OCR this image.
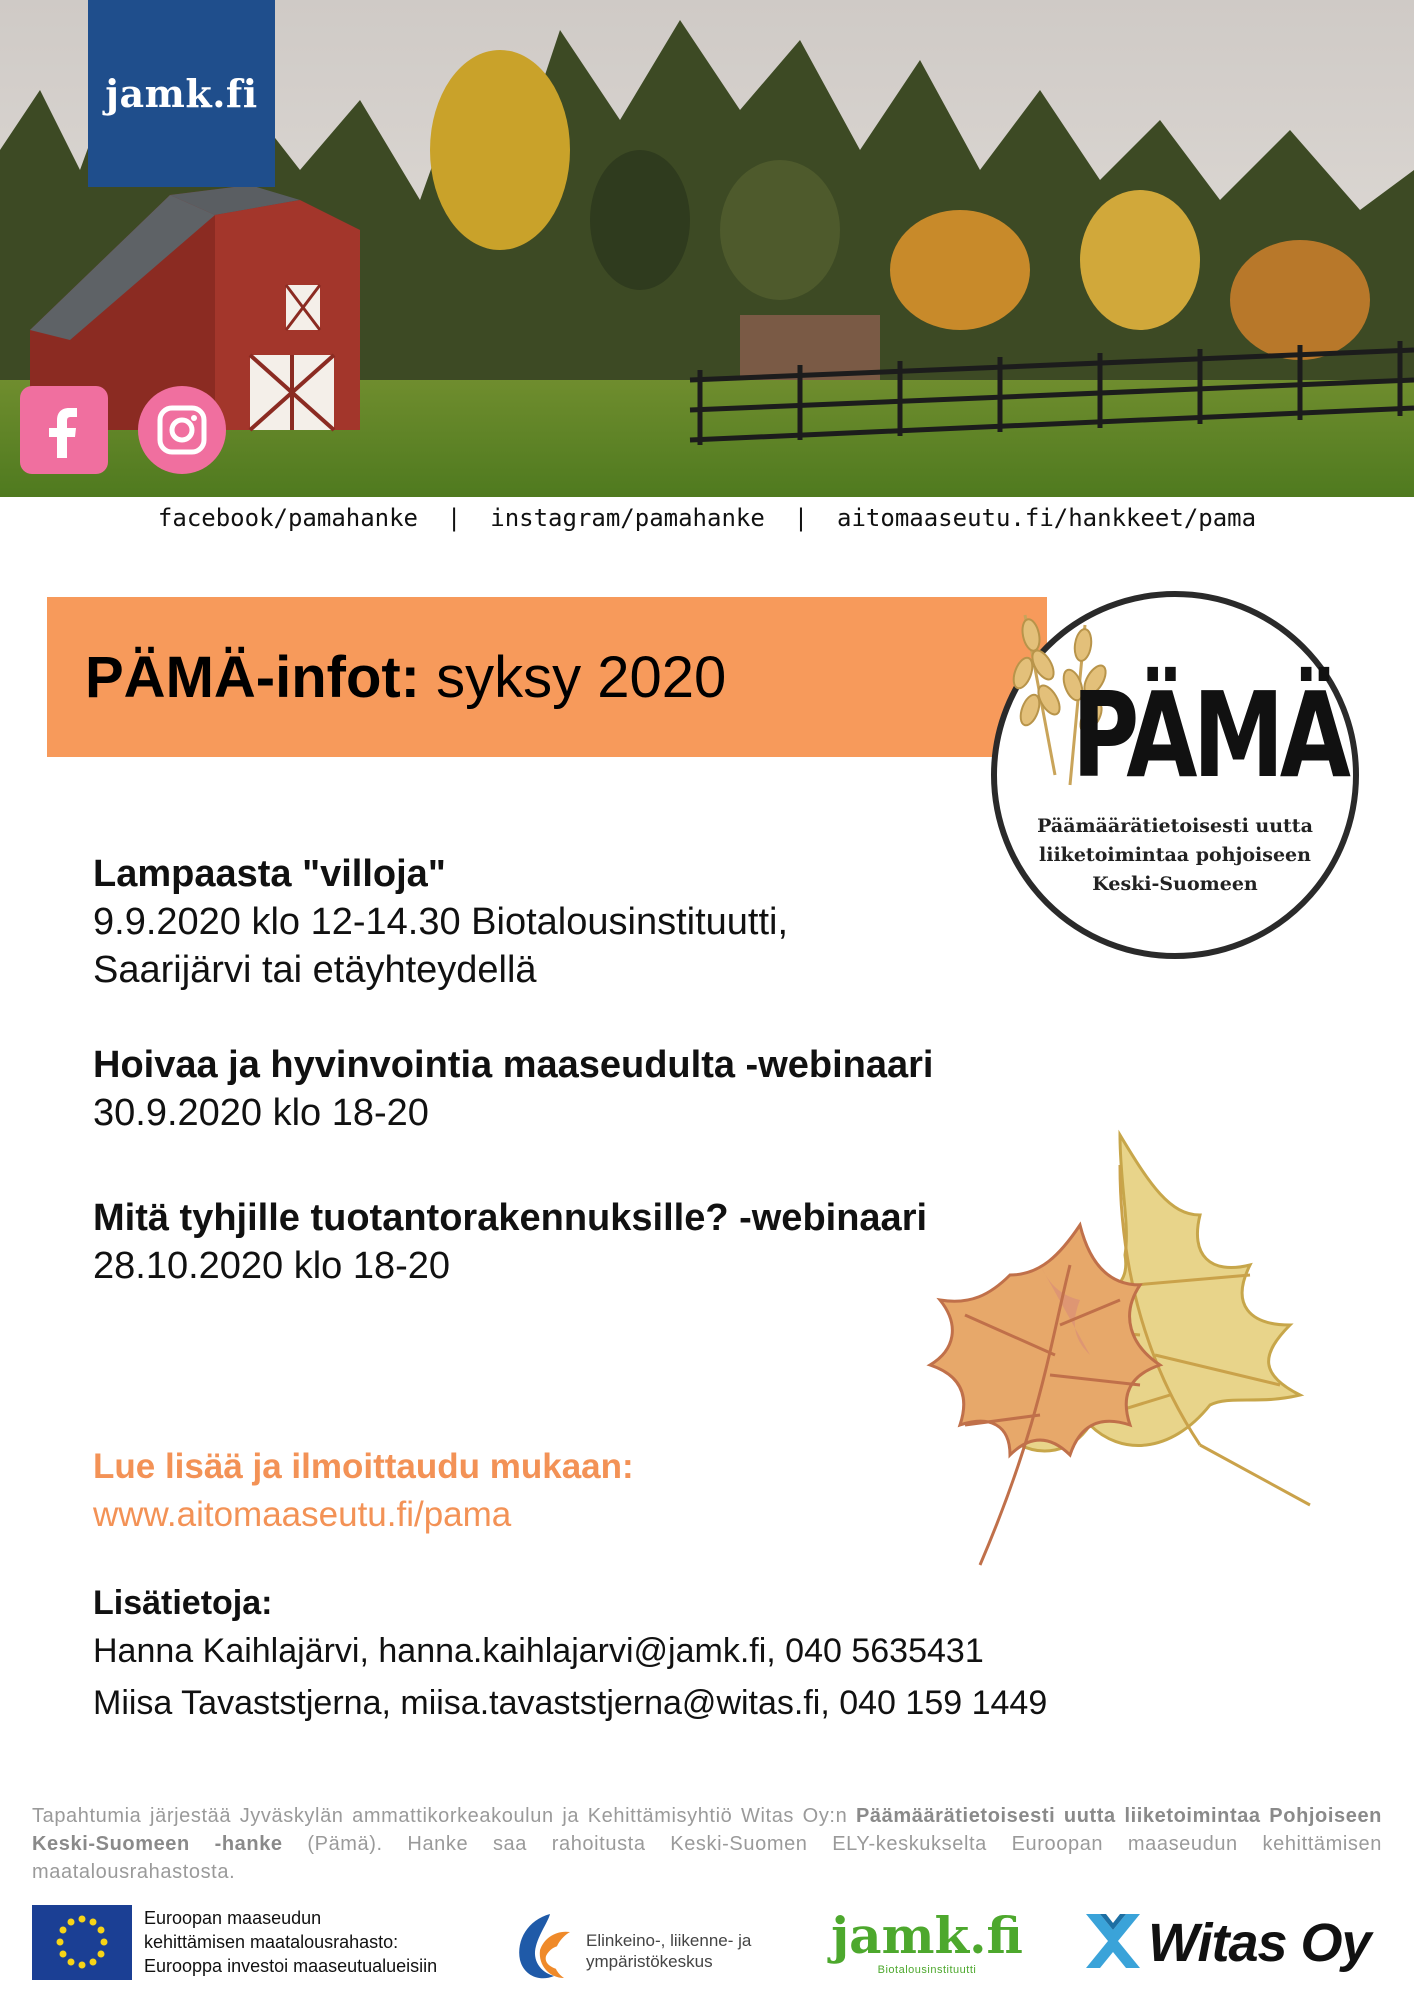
jamk.fi
facebook/pamahanke  |  instagram/pamahanke  |  aitomaaseutu.fi/hankkeet/pama
PÄMÄ-infot: syksy 2020	PÄMÄ
Päämäärätietoisesti uutta
liiketoimintaa pohjoiseen
Keski-Suomeen
Lampaasta "villoja"
9.9.2020 klo 12-14.30 Biotalousinstituutti,
Saarijärvi tai etäyhteydellä
Hoivaa ja hyvinvointia maaseudulta -webinaari
30.9.2020 klo 18-20
Mitä tyhjille tuotantorakennuksille? -webinaari
28.10.2020 klo 18-20
Lue lisää ja ilmoittaudu mukaan:
www.aitomaaseutu.fi/pama
Lisätietoja:
Hanna Kaihlajärvi, hanna.kaihlajarvi@jamk.fi, 040 5635431
Miisa Tavaststjerna, miisa.tavaststjerna@witas.fi, 040 159 1449
Tapahtumia järjestää Jyväskylän ammattikorkeakoulun ja Kehittämisyhtiö Witas Oy:n Päämäärätietoisesti uutta liiketoimintaa Pohjoiseen Keski-Suomeen -hanke (Pämä). Hanke saa rahoitusta Keski-Suomen ELY-keskukselta Euroopan maaseudun kehittämisen maatalousrahastosta.
Euroopan maaseudun
kehittämisen maatalousrahasto:
Eurooppa investoi maaseutualueisiin
Elinkeino-, liikenne- ja
ympäristökeskus	jamk.fi
Biotalousinstituutti	Witas Oy
